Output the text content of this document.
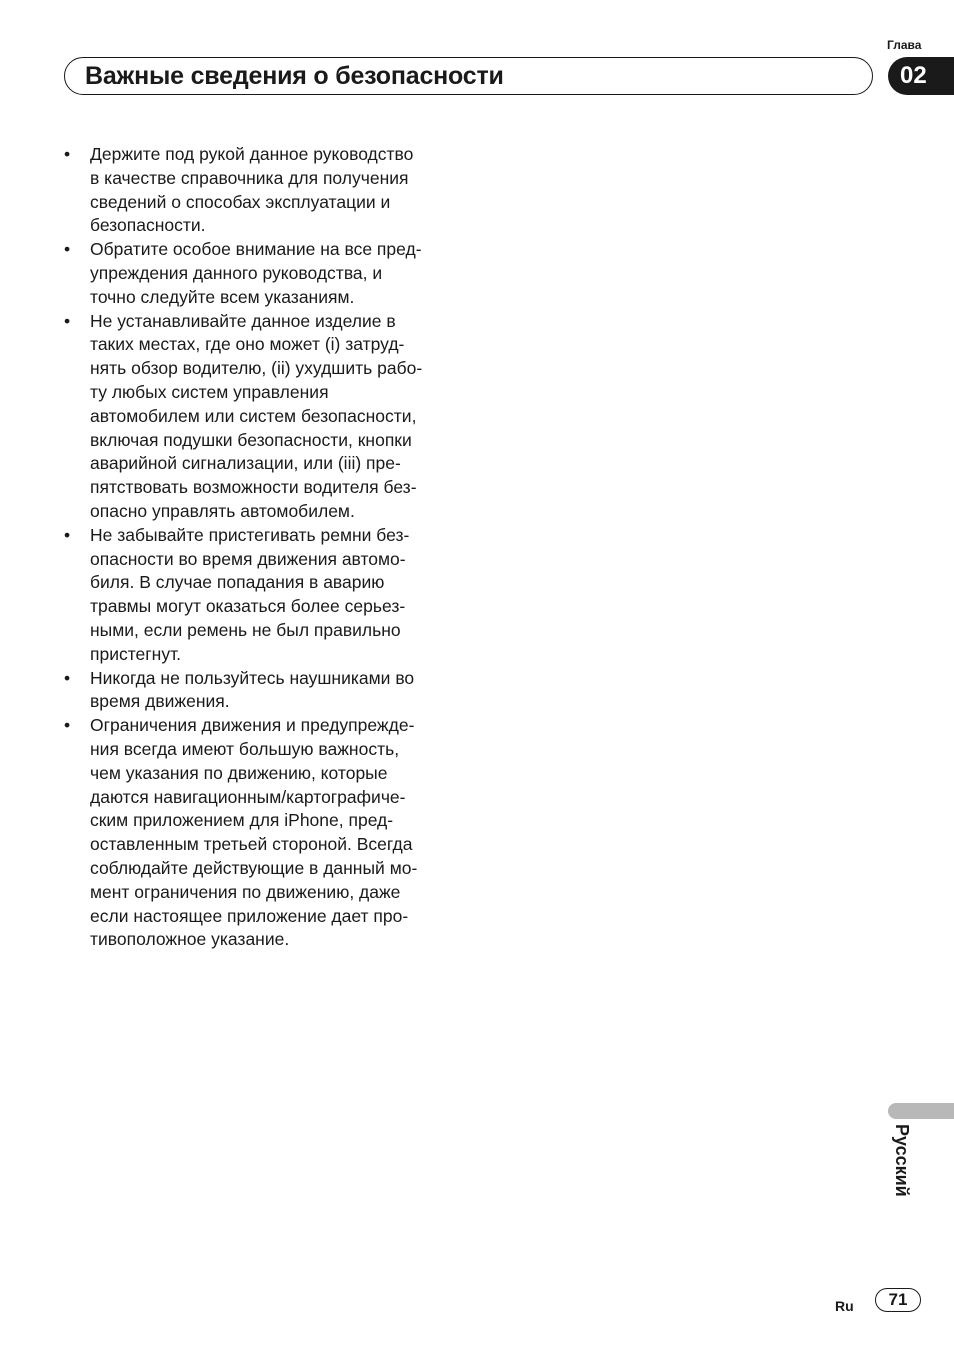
Важные сведения о безопасности
Глава
02
• Держите под рукой данное руководство
в качестве справочника для получения
сведений о способах эксплуатации и
безопасности.
• Обратите особое внимание на все пред-
упреждения данного руководства, и
точно следуйте всем указаниям.
• Не устанавливайте данное изделие в
таких местах, где оно может (i) затруд-
нять обзор водителю, (ii) ухудшить рабо-
ту любых систем управления
автомобилем или систем безопасности,
включая подушки безопасности, кнопки
аварийной сигнализации, или (iii) пре-
пятствовать возможности водителя без-
опасно управлять автомобилем.
• Не забывайте пристегивать ремни без-
опасности во время движения автомо-
биля. В случае попадания в аварию
травмы могут оказаться более серьез-
ными, если ремень не был правильно
пристегнут.
• Никогда не пользуйтесь наушниками во
время движения.
• Ограничения движения и предупрежде-
ния всегда имеют большую важность,
чем указания по движению, которые
даются навигационным/картографиче-
ским приложением для iPhone, пред-
оставленным третьей стороной. Всегда
соблюдайте действующие в данный мо-
мент ограничения по движению, даже
если настоящее приложение дает про-
тивоположное указание.
Русский
Ru	71
